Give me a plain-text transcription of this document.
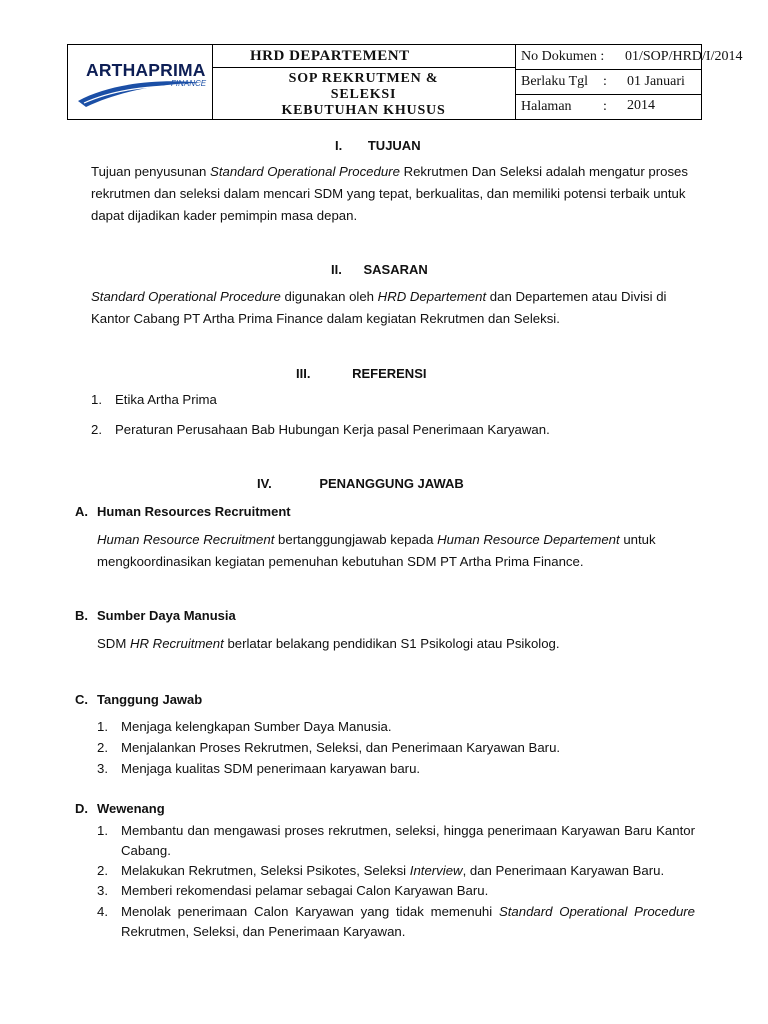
ARTHAPRIMA
FINANCE
HRD DEPARTEMENT
SOP REKRUTMEN &
SELEKSI
KEBUTUHAN KHUSUS
No Dokumen : 01/SOP/HRD/I/2014
Berlaku Tgl : 01 Januari 2014
Halaman :
I. TUJUAN
Tujuan penyusunan Standard Operational Procedure Rekrutmen Dan Seleksi adalah mengatur proses rekrutmen dan seleksi dalam mencari SDM yang tepat, berkualitas, dan memiliki potensi terbaik untuk dapat dijadikan kader pemimpin masa depan.
II. SASARAN
Standard Operational Procedure digunakan oleh HRD Departement dan Departemen atau Divisi di Kantor Cabang PT Artha Prima Finance dalam kegiatan Rekrutmen dan Seleksi.
III.	REFERENSI
1. Etika Artha Prima
2. Peraturan Perusahaan Bab Hubungan Kerja pasal Penerimaan Karyawan.
IV.	PENANGGUNG JAWAB
A. Human Resources Recruitment
Human Resource Recruitment bertanggungjawab kepada Human Resource Departement untuk mengkoordinasikan kegiatan pemenuhan kebutuhan SDM PT Artha Prima Finance.
B. Sumber Daya Manusia
SDM HR Recruitment berlatar belakang pendidikan S1 Psikologi atau Psikolog.
C. Tanggung Jawab
1. Menjaga kelengkapan Sumber Daya Manusia.
2. Menjalankan Proses Rekrutmen, Seleksi, dan Penerimaan Karyawan Baru.
3. Menjaga kualitas SDM penerimaan karyawan baru.
D. Wewenang
1. Membantu dan mengawasi proses rekrutmen, seleksi, hingga penerimaan Karyawan Baru Kantor Cabang.
2. Melakukan Rekrutmen, Seleksi Psikotes, Seleksi Interview, dan Penerimaan Karyawan Baru.
3. Memberi rekomendasi pelamar sebagai Calon Karyawan Baru.
4. Menolak penerimaan Calon Karyawan yang tidak memenuhi Standard Operational Procedure Rekrutmen, Seleksi, dan Penerimaan Karyawan.
